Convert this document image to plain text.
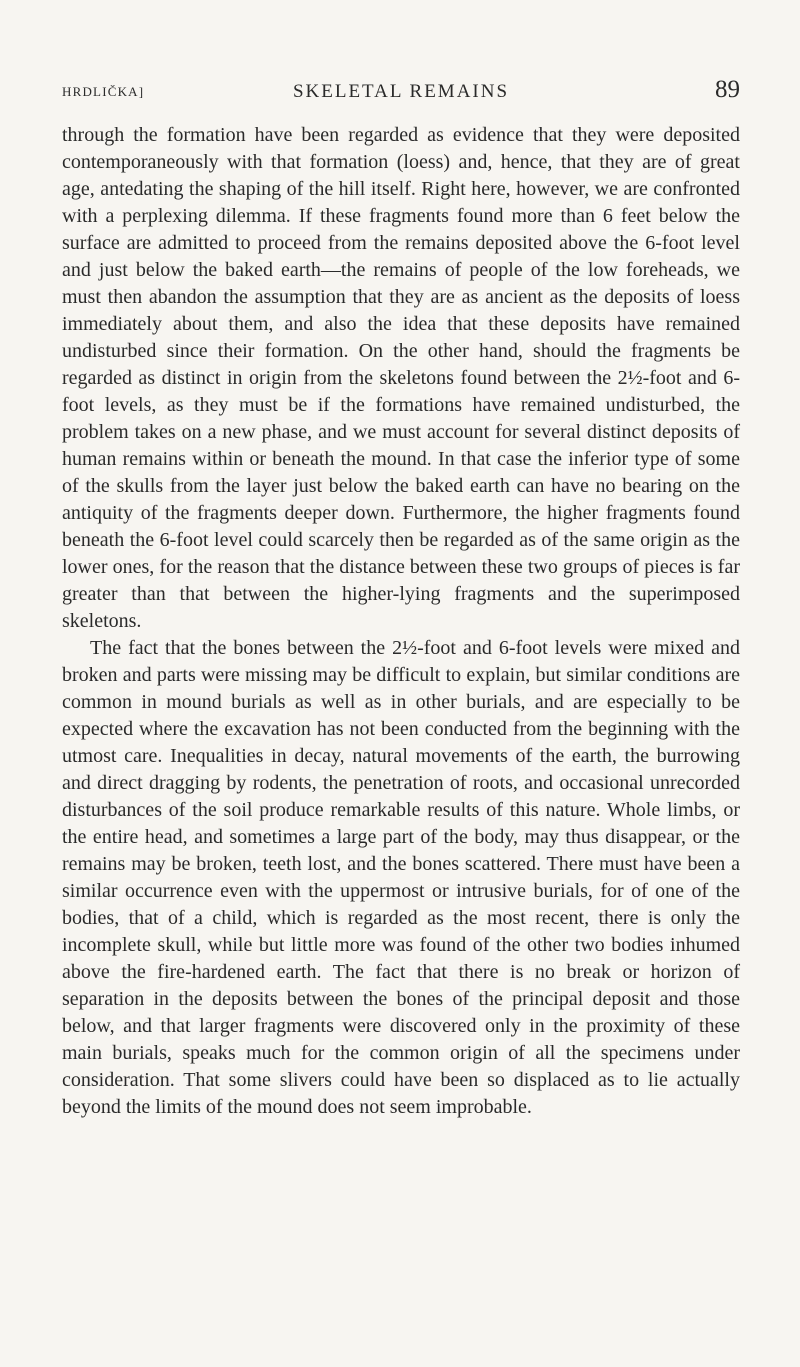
HRDLIČKA]	SKELETAL REMAINS	89

through the formation have been regarded as evidence that they were deposited contemporaneously with that formation (loess) and, hence, that they are of great age, antedating the shaping of the hill itself. Right here, however, we are confronted with a perplexing dilemma. If these fragments found more than 6 feet below the surface are admitted to proceed from the remains deposited above the 6-foot level and just below the baked earth—the remains of people of the low foreheads, we must then abandon the assumption that they are as ancient as the deposits of loess immediately about them, and also the idea that these deposits have remained undisturbed since their formation. On the other hand, should the fragments be regarded as distinct in origin from the skeletons found between the 2½-foot and 6-foot levels, as they must be if the formations have remained undisturbed, the problem takes on a new phase, and we must account for several distinct deposits of human remains within or beneath the mound. In that case the inferior type of some of the skulls from the layer just below the baked earth can have no bearing on the antiquity of the fragments deeper down. Furthermore, the higher fragments found beneath the 6-foot level could scarcely then be regarded as of the same origin as the lower ones, for the reason that the distance between these two groups of pieces is far greater than that between the higher-lying fragments and the superimposed skeletons.

The fact that the bones between the 2½-foot and 6-foot levels were mixed and broken and parts were missing may be difficult to explain, but similar conditions are common in mound burials as well as in other burials, and are especially to be expected where the excavation has not been conducted from the beginning with the utmost care. Inequalities in decay, natural movements of the earth, the burrowing and direct dragging by rodents, the penetration of roots, and occasional unrecorded disturbances of the soil produce remarkable results of this nature. Whole limbs, or the entire head, and sometimes a large part of the body, may thus disappear, or the remains may be broken, teeth lost, and the bones scattered. There must have been a similar occurrence even with the uppermost or intrusive burials, for of one of the bodies, that of a child, which is regarded as the most recent, there is only the incomplete skull, while but little more was found of the other two bodies inhumed above the fire-hardened earth. The fact that there is no break or horizon of separation in the deposits between the bones of the principal deposit and those below, and that larger fragments were discovered only in the proximity of these main burials, speaks much for the common origin of all the specimens under consideration. That some slivers could have been so displaced as to lie actually beyond the limits of the mound does not seem improbable.
